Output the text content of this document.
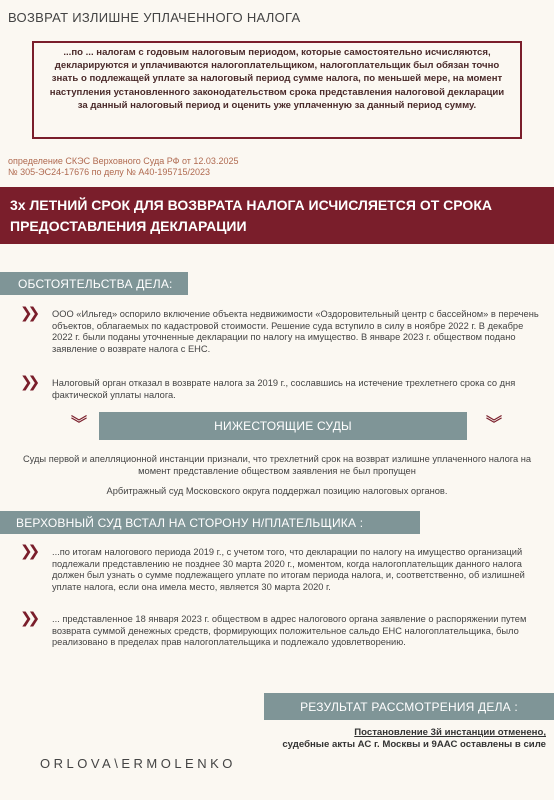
ВОЗВРАТ ИЗЛИШНЕ УПЛАЧЕННОГО НАЛОГА
...по ... налогам с годовым налоговым периодом, которые самостоятельно исчисляются, декларируются и уплачиваются налогоплательщиком, налогоплательщик был обязан точно знать о подлежащей уплате за налоговый период сумме налога, по меньшей мере, на момент наступления установленного законодательством срока представления налоговой декларации за данный налоговый период и оценить уже уплаченную за данный период сумму.
определение СКЭС Верховного Суда РФ от 12.03.2025
№ 305-ЭС24-17676 по делу № А40-195715/2023
3х ЛЕТНИЙ СРОК ДЛЯ ВОЗВРАТА НАЛОГА ИСЧИСЛЯЕТСЯ ОТ СРОКА ПРЕДОСТАВЛЕНИЯ ДЕКЛАРАЦИИ
ОБСТОЯТЕЛЬСТВА ДЕЛА:
❯❯	ООО «Ильгед» оспорило включение объекта недвижимости «Оздоровительный центр с бассейном» в перечень объектов, облагаемых по кадастровой стоимости. Решение суда вступило в силу в ноябре 2022 г. В декабре 2022 г. были поданы уточненные декларации по налогу на имущество. В январе 2023 г. обществом подано заявление о возврате налога с ЕНС.
❯❯	Налоговый орган отказал в возврате налога за 2019 г., сославшись на истечение трехлетнего срока со дня фактической уплаты налога.
︾	НИЖЕСТОЯЩИЕ СУДЫ	︾
Суды первой и апелляционной инстанции признали, что трехлетний срок на возврат излишне уплаченного налога на момент представление обществом заявления не был пропущен
Арбитражный суд Московского округа поддержал позицию налоговых органов.
ВЕРХОВНЫЙ СУД ВСТАЛ НА СТОРОНУ Н/ПЛАТЕЛЬЩИКА :
❯❯	...по итогам налогового периода 2019 г., с учетом того, что декларации по налогу на имущество организаций подлежали представлению не позднее 30 марта 2020 г., моментом, когда налогоплательщик данного налога должен был узнать о сумме подлежащего уплате по итогам периода налога, и, соответственно, об излишней уплате налога, если она имела место, является 30 марта 2020 г.
❯❯	... представленное 18 января 2023 г. обществом в адрес налогового органа заявление о распоряжении путем возврата суммой денежных средств, формирующих положительное сальдо ЕНС налогоплательщика, было реализовано в пределах прав налогоплательщика и подлежало удовлетворению.
РЕЗУЛЬТАТ РАССМОТРЕНИЯ ДЕЛА :
Постановление 3й инстанции отменено,
судебные акты АС г. Москвы и 9ААС оставлены в силе
ORLOVA\ERMOLENKO
